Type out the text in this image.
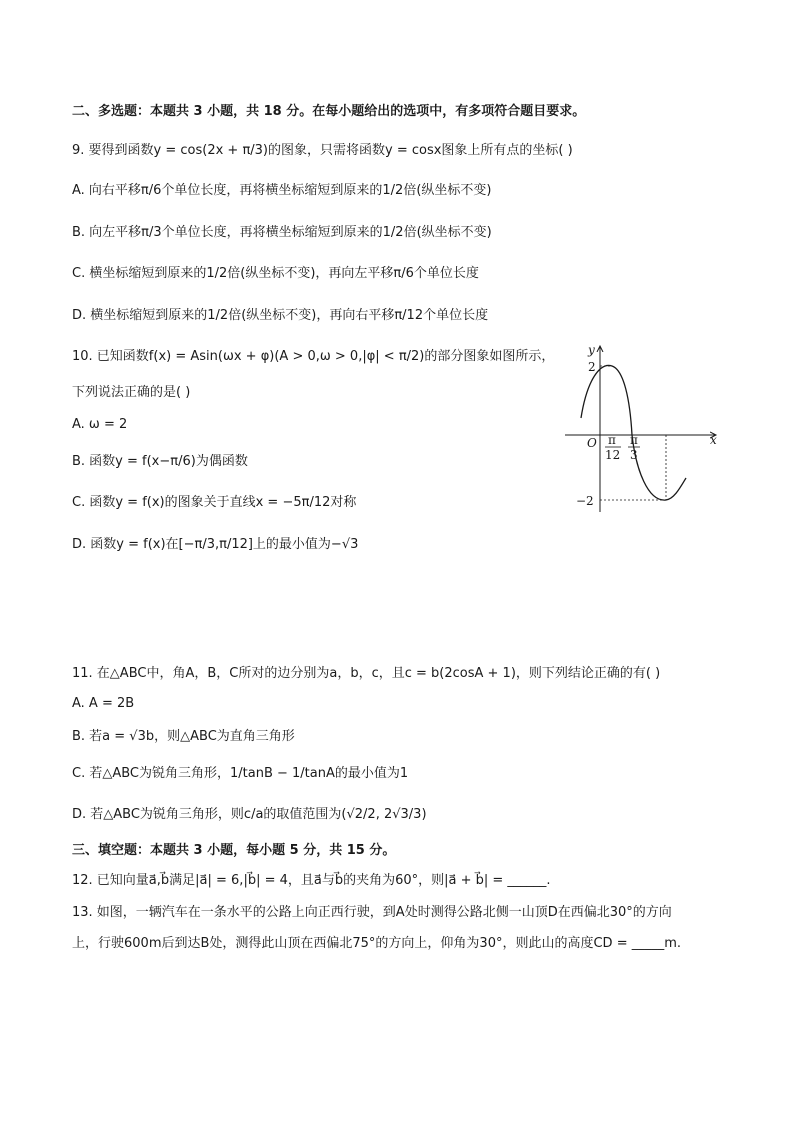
二、多选题：本题共 3 小题，共 18 分。在每小题给出的选项中，有多项符合题目要求。
9. 要得到函数y = cos(2x + π/3)的图象，只需将函数y = cosx图象上所有点的坐标( )
A. 向右平移π/6个单位长度，再将横坐标缩短到原来的1/2倍(纵坐标不变)
B. 向左平移π/3个单位长度，再将横坐标缩短到原来的1/2倍(纵坐标不变)
C. 横坐标缩短到原来的1/2倍(纵坐标不变)，再向左平移π/6个单位长度
D. 横坐标缩短到原来的1/2倍(纵坐标不变)，再向右平移π/12个单位长度
10. 已知函数f(x) = Asin(ωx + φ)(A > 0,ω > 0,|φ| < π/2)的部分图象如图所示，
下列说法正确的是( )
A. ω = 2
B. 函数y = f(x−π/6)为偶函数
C. 函数y = f(x)的图象关于直线x = −5π/12对称
D. 函数y = f(x)在[−π/3,π/12]上的最小值为−√3
y
x
O
2
−2
π
12
π
3
11. 在△ABC中，角A，B，C所对的边分别为a，b，c，且c = b(2cosA + 1)，则下列结论正确的有( )
A. A = 2B
B. 若a = √3b，则△ABC为直角三角形
C. 若△ABC为锐角三角形，1/tanB − 1/tanA的最小值为1
D. 若△ABC为锐角三角形，则c/a的取值范围为(√2/2, 2√3/3)
三、填空题：本题共 3 小题，每小题 5 分，共 15 分。
12. 已知向量a⃗,b⃗满足|a⃗| = 6,|b⃗| = 4，且a⃗与b⃗的夹角为60°，则|a⃗ + b⃗| = ______.
13. 如图，一辆汽车在一条水平的公路上向正西行驶，到A处时测得公路北侧一山顶D在西偏北30°的方向
上，行驶600m后到达B处，测得此山顶在西偏北75°的方向上，仰角为30°，则此山的高度CD = _____m.
